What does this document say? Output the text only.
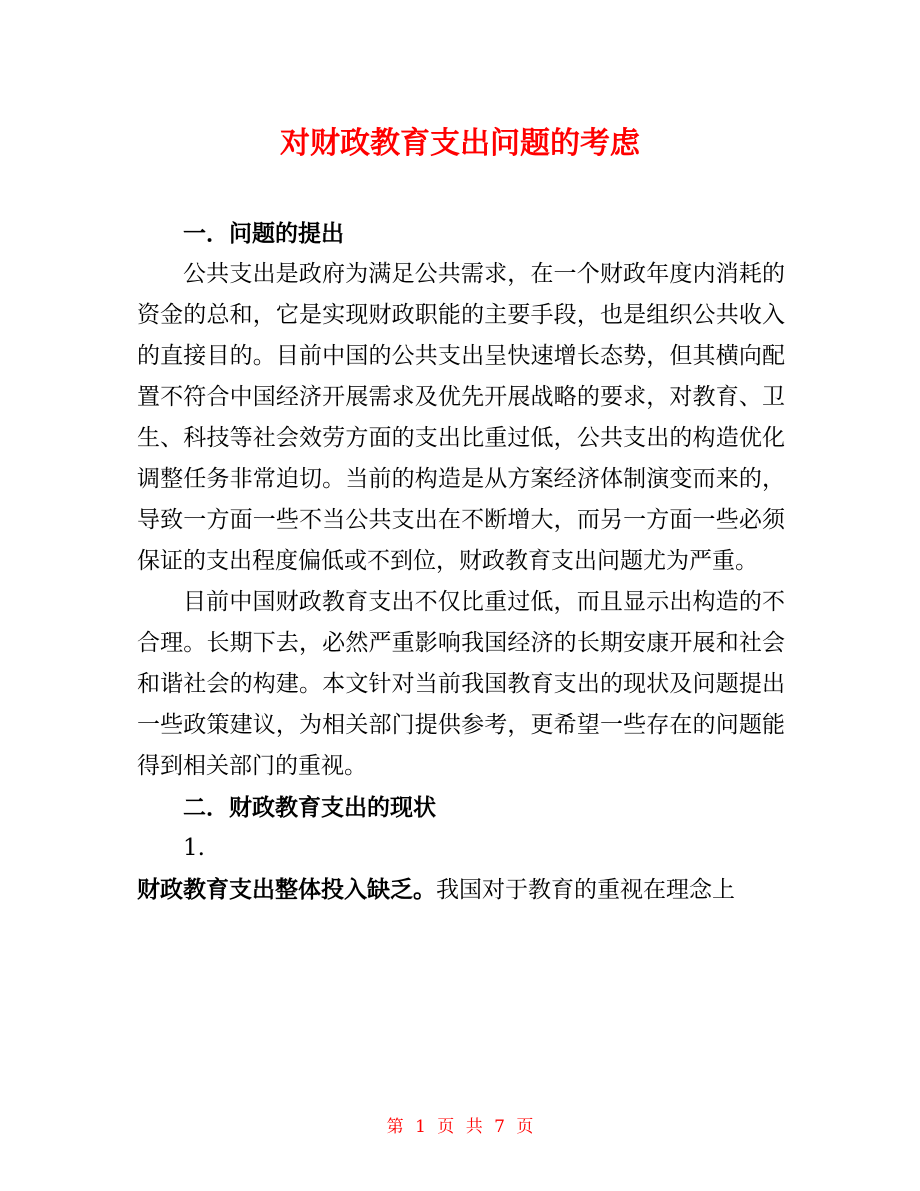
对财政教育支出问题的考虑

一．问题的提出

公共支出是政府为满足公共需求，在一个财政年度内消耗的资金的总和，它是实现财政职能的主要手段，也是组织公共收入的直接目的。目前中国的公共支出呈快速增长态势，但其横向配置不符合中国经济开展需求及优先开展战略的要求，对教育、卫生、科技等社会效劳方面的支出比重过低，公共支出的构造优化调整任务非常迫切。当前的构造是从方案经济体制演变而来的，导致一方面一些不当公共支出在不断增大，而另一方面一些必须保证的支出程度偏低或不到位，财政教育支出问题尤为严重。

目前中国财政教育支出不仅比重过低，而且显示出构造的不合理。长期下去，必然严重影响我国经济的长期安康开展和社会和谐社会的构建。本文针对当前我国教育支出的现状及问题提出一些政策建议，为相关部门提供参考，更希望一些存在的问题能得到相关部门的重视。

二．财政教育支出的现状

1.

财政教育支出整体投入缺乏。我国对于教育的重视在理念上

第 1 页 共 7 页
